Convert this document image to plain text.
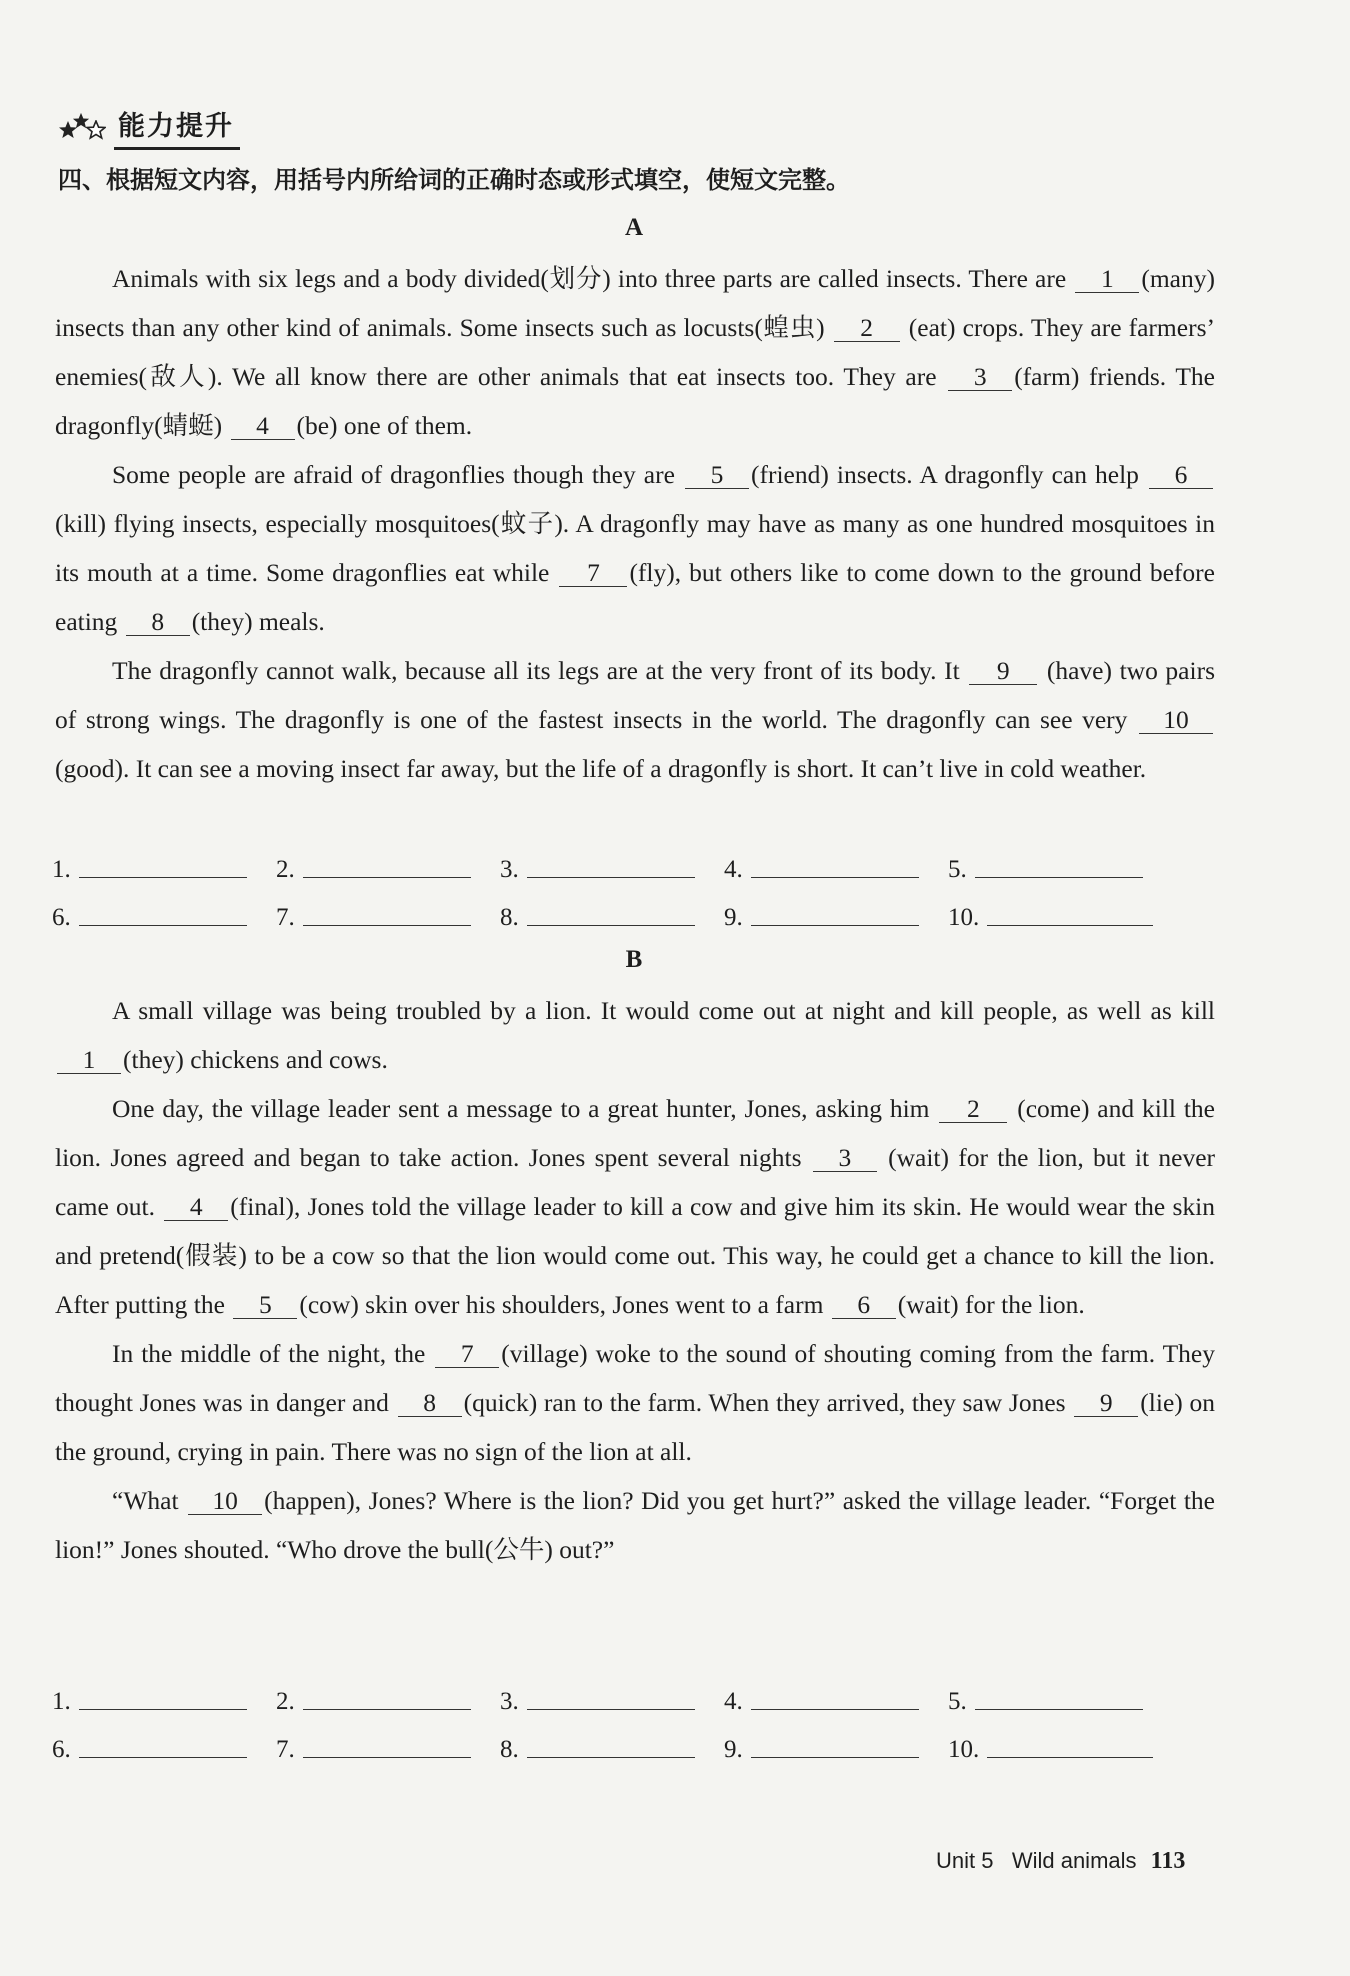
能力提升
四、根据短文内容，用括号内所给词的正确时态或形式填空，使短文完整。
A

Animals with six legs and a body divided(划分) into three parts are called insects. There are 1 (many) insects than any other kind of animals. Some insects such as locusts(蝗虫) 2 (eat) crops. They are farmers’ enemies(敌人). We all know there are other animals that eat insects too. They are 3 (farm) friends. The dragonfly(蜻蜓) 4 (be) one of them.

Some people are afraid of dragonflies though they are 5 (friend) insects. A dragonfly can help 6(kill) flying insects, especially mosquitoes(蚊子). A dragonfly may have as many as one hundred mosquitoes in its mouth at a time. Some dragonflies eat while 7 (fly), but others like to come down to the ground before eating 8 (they) meals.

The dragonfly cannot walk, because all its legs are at the very front of its body. It 9 (have) two pairs of strong wings. The dragonfly is one of the fastest insects in the world. The dragonfly can see very 10(good). It can see a moving insect far away, but the life of a dragonfly is short. It can’t live in cold weather.

1.	2.	3.	4.	5.
6.	7.	8.	9.	10.
B

A small village was being troubled by a lion. It would come out at night and kill people, as well as kill 1 (they) chickens and cows.

One day, the village leader sent a message to a great hunter, Jones, asking him 2 (come) and kill the lion. Jones agreed and began to take action. Jones spent several nights 3 (wait) for the lion, but it never came out. 4 (final), Jones told the village leader to kill a cow and give him its skin. He would wear the skin and pretend(假装) to be a cow so that the lion would come out. This way, he could get a chance to kill the lion. After putting the 5 (cow) skin over his shoulders, Jones went to a farm 6 (wait) for the lion.

In the middle of the night, the 7 (village) woke to the sound of shouting coming from the farm. They thought Jones was in danger and 8 (quick) ran to the farm. When they arrived, they saw Jones 9 (lie) on the ground, crying in pain. There was no sign of the lion at all.

“What 10 (happen), Jones? Where is the lion? Did you get hurt?” asked the village leader. “Forget the lion!” Jones shouted. “Who drove the bull(公牛) out?”

1.	2.	3.	4.	5.
6.	7.	8.	9.	10.
Unit 5 Wild animals 113
